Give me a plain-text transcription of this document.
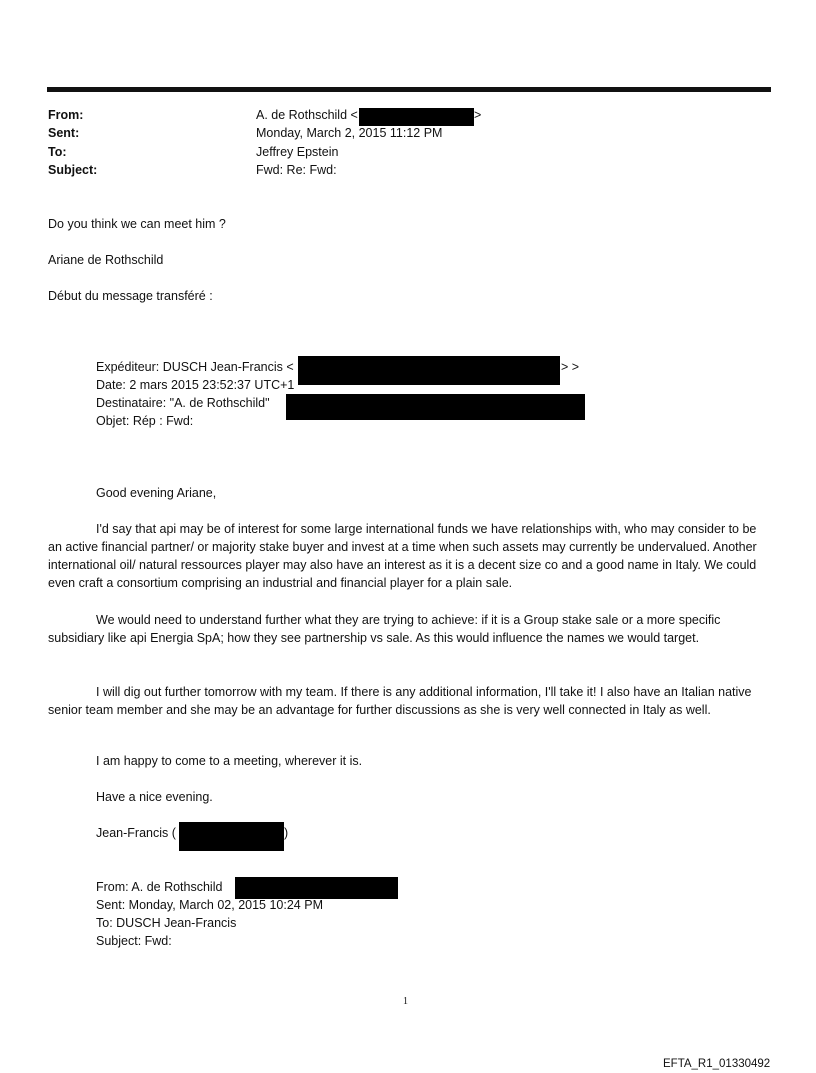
From:	A. de Rothschild <	>
Sent:	Monday, March 2, 2015 11:12 PM
To:	Jeffrey Epstein
Subject:	Fwd: Re: Fwd:
Do you think we can meet him ?
Ariane de Rothschild
Début du message transféré :
Expéditeur: DUSCH Jean-Francis <	> >
Date: 2 mars 2015 23:52:37 UTC+1
Destinataire: "A. de Rothschild"
Objet: Rép : Fwd:
Good evening Ariane,
I'd say that api may be of interest for some large international funds we have relationships with, who may consider to be an active financial partner/ or majority stake buyer and invest at a time when such assets may currently be undervalued. Another international oil/ natural ressources player may also have an interest as it is a decent size co and a good name in Italy. We could even craft a consortium comprising an industrial and financial player for a plain sale.
We would need to understand further what they are trying to achieve: if it is a Group stake sale or a more specific subsidiary like api Energia SpA; how they see partnership vs sale. As this would influence the names we would target.
I will dig out further tomorrow with my team. If there is any additional information, I'll take it! I also have an Italian native senior team member and she may be an advantage for further discussions as she is very well connected in Italy as well.
I am happy to come to a meeting, wherever it is.
Have a nice evening.
Jean-Francis (	)
From: A. de Rothschild
Sent: Monday, March 02, 2015 10:24 PM
To: DUSCH Jean-Francis
Subject: Fwd:
1
EFTA_R1_01330492
